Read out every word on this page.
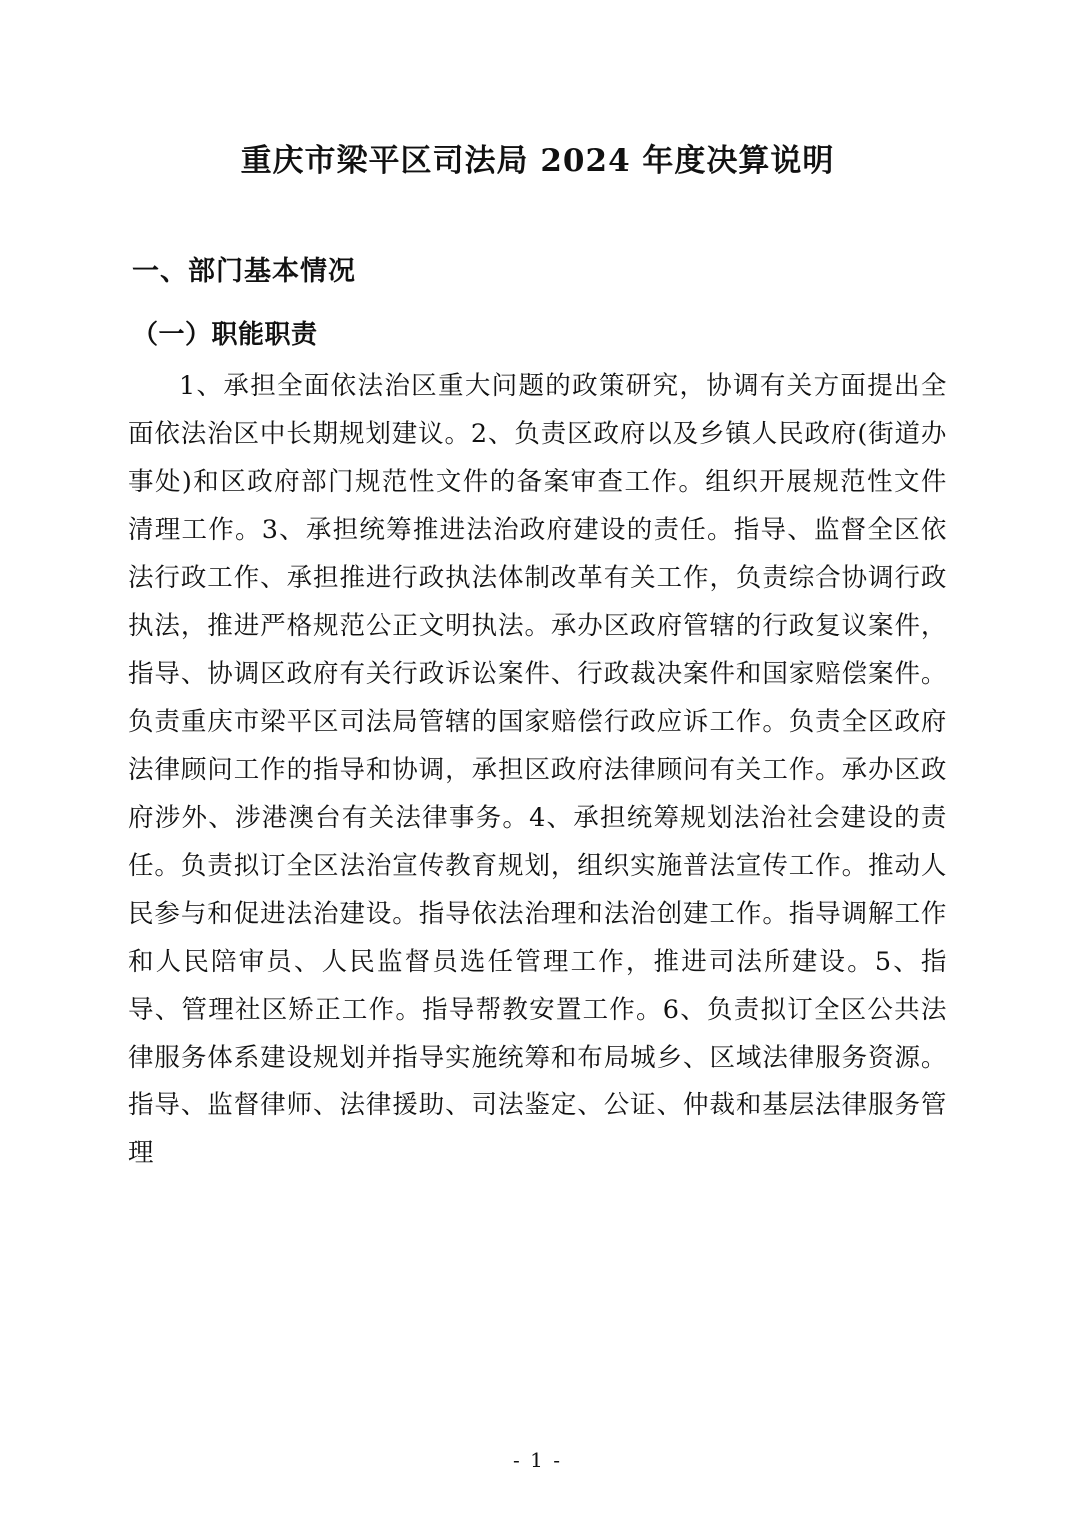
重庆市梁平区司法局 2024 年度决算说明
一、部门基本情况
（一）职能职责

1、承担全面依法治区重大问题的政策研究，协调有关方面提出全面依法治区中长期规划建议。2、负责区政府以及乡镇人民政府(街道办事处)和区政府部门规范性文件的备案审查工作。组织开展规范性文件清理工作。3、承担统筹推进法治政府建设的责任。指导、监督全区依法行政工作、承担推进行政执法体制改革有关工作，负责综合协调行政执法，推进严格规范公正文明执法。承办区政府管辖的行政复议案件，指导、协调区政府有关行政诉讼案件、行政裁决案件和国家赔偿案件。负责重庆市梁平区司法局管辖的国家赔偿行政应诉工作。负责全区政府法律顾问工作的指导和协调，承担区政府法律顾问有关工作。承办区政府涉外、涉港澳台有关法律事务。4、承担统筹规划法治社会建设的责任。负责拟订全区法治宣传教育规划，组织实施普法宣传工作。推动人民参与和促进法治建设。指导依法治理和法治创建工作。指导调解工作和人民陪审员、人民监督员选任管理工作，推进司法所建设。5、指导、管理社区矫正工作。指导帮教安置工作。6、负责拟订全区公共法律服务体系建设规划并指导实施统筹和布局城乡、区域法律服务资源。指导、监督律师、法律援助、司法鉴定、公证、仲裁和基层法律服务管理

- 1 -
